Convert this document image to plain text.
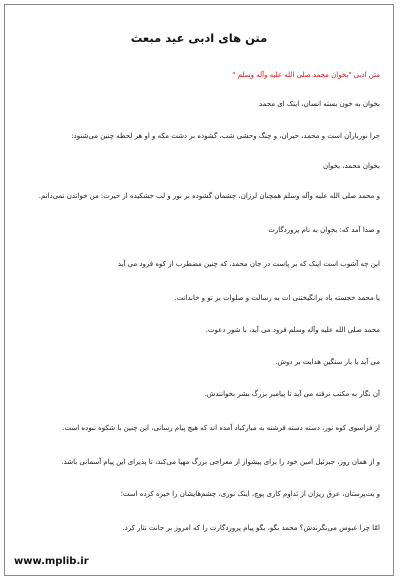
متن های ادبی عید مبعث

متن ادبی "بخوان محمد صلی الله علیه وآله وسلم "

بخوان به خون بسته انسان، اینک ای محمد

حرا نوربارآن است و محمد، حیران، و چنگ وحشی شب، گشوده بر دشت مکه و او هر لحظه چنین می‌شنود:

بخوان محمد، بخوان

و محمد صلی الله علیه وآله وسلم همچنان لرزان، چشمان گشوده بر نور و لب خشکیده از حیرت: من خواندن نمی‌دانم.

و صدا آمد که: بخوان به نام پروردگارت

این چه آشوب است اینک که بر پاست در جان محمد، که چنین مضطرب از کوه فرود می آید

یا محمد خجسته باد برانگیختنی ات به رسالت و صلوات بر تو و خاندانت.

محمد صلی الله علیه وآله وسلم فرود می آید، با شور دعوت.

می آید با بار سنگین هدایت بر دوش.

آن نگار به مکتب نرفته می آید تا پیامبر بزرگ بشر بخوانندش.

از فراسوی کوه نور، دسته دسته فرشته به مبارکباد آمده اند که هیچ پیام رسانی، این چنین با شکوه نبوده است.

و از همان روز، جبرئیل امین خود را برای پیشواز از معراجی بزرگ مهیا می‌کند، تا پذیرای این پیام آسمانی باشد.

و بت‌پرستان، عرق ریزان از تداوم کاری پوچ، اینک نوری، چشم‌هایشان را خیره کرده است؛

امّا چرا عبوس می‌نگرندش؟ محمد بگو، بگو پیام پروردگارت را که امروز بر جانت نثار کرد.

www.mplib.ir
